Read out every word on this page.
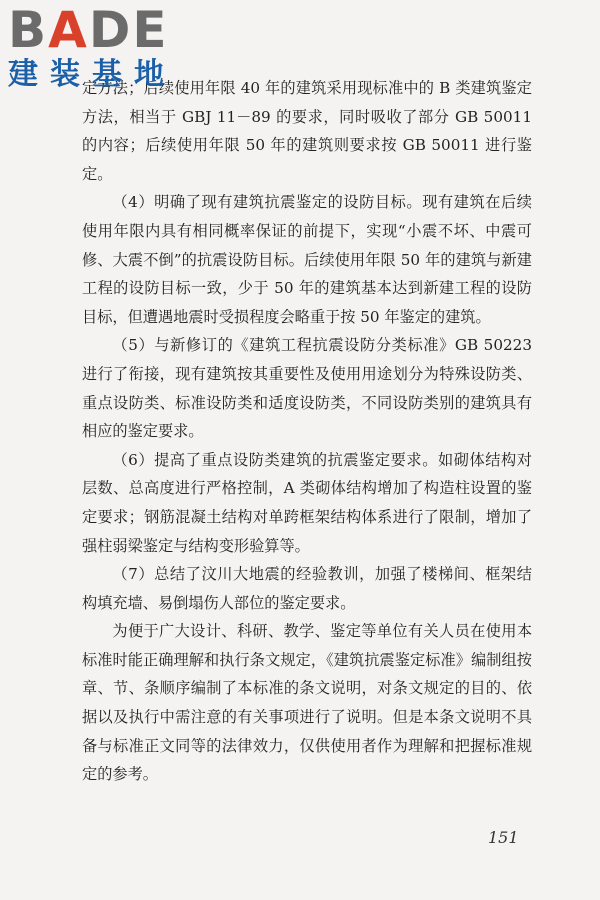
BADE
建装基地

定方法；后续使用年限 40 年的建筑采用现标准中的 B 类建筑鉴定方法，相当于 GBJ 11－89 的要求，同时吸收了部分 GB 50011 的内容；后续使用年限 50 年的建筑则要求按 GB 50011 进行鉴定。

（4）明确了现有建筑抗震鉴定的设防目标。现有建筑在后续使用年限内具有相同概率保证的前提下，实现“小震不坏、中震可修、大震不倒”的抗震设防目标。后续使用年限 50 年的建筑与新建工程的设防目标一致，少于 50 年的建筑基本达到新建工程的设防目标，但遭遇地震时受损程度会略重于按 50 年鉴定的建筑。

（5）与新修订的《建筑工程抗震设防分类标准》GB 50223 进行了衔接，现有建筑按其重要性及使用用途划分为特殊设防类、重点设防类、标准设防类和适度设防类，不同设防类别的建筑具有相应的鉴定要求。

（6）提高了重点设防类建筑的抗震鉴定要求。如砌体结构对层数、总高度进行严格控制，A 类砌体结构增加了构造柱设置的鉴定要求；钢筋混凝土结构对单跨框架结构体系进行了限制，增加了强柱弱梁鉴定与结构变形验算等。

（7）总结了汶川大地震的经验教训，加强了楼梯间、框架结构填充墙、易倒塌伤人部位的鉴定要求。

为便于广大设计、科研、教学、鉴定等单位有关人员在使用本标准时能正确理解和执行条文规定，《建筑抗震鉴定标准》编制组按章、节、条顺序编制了本标准的条文说明，对条文规定的目的、依据以及执行中需注意的有关事项进行了说明。但是本条文说明不具备与标准正文同等的法律效力，仅供使用者作为理解和把握标准规定的参考。

151
